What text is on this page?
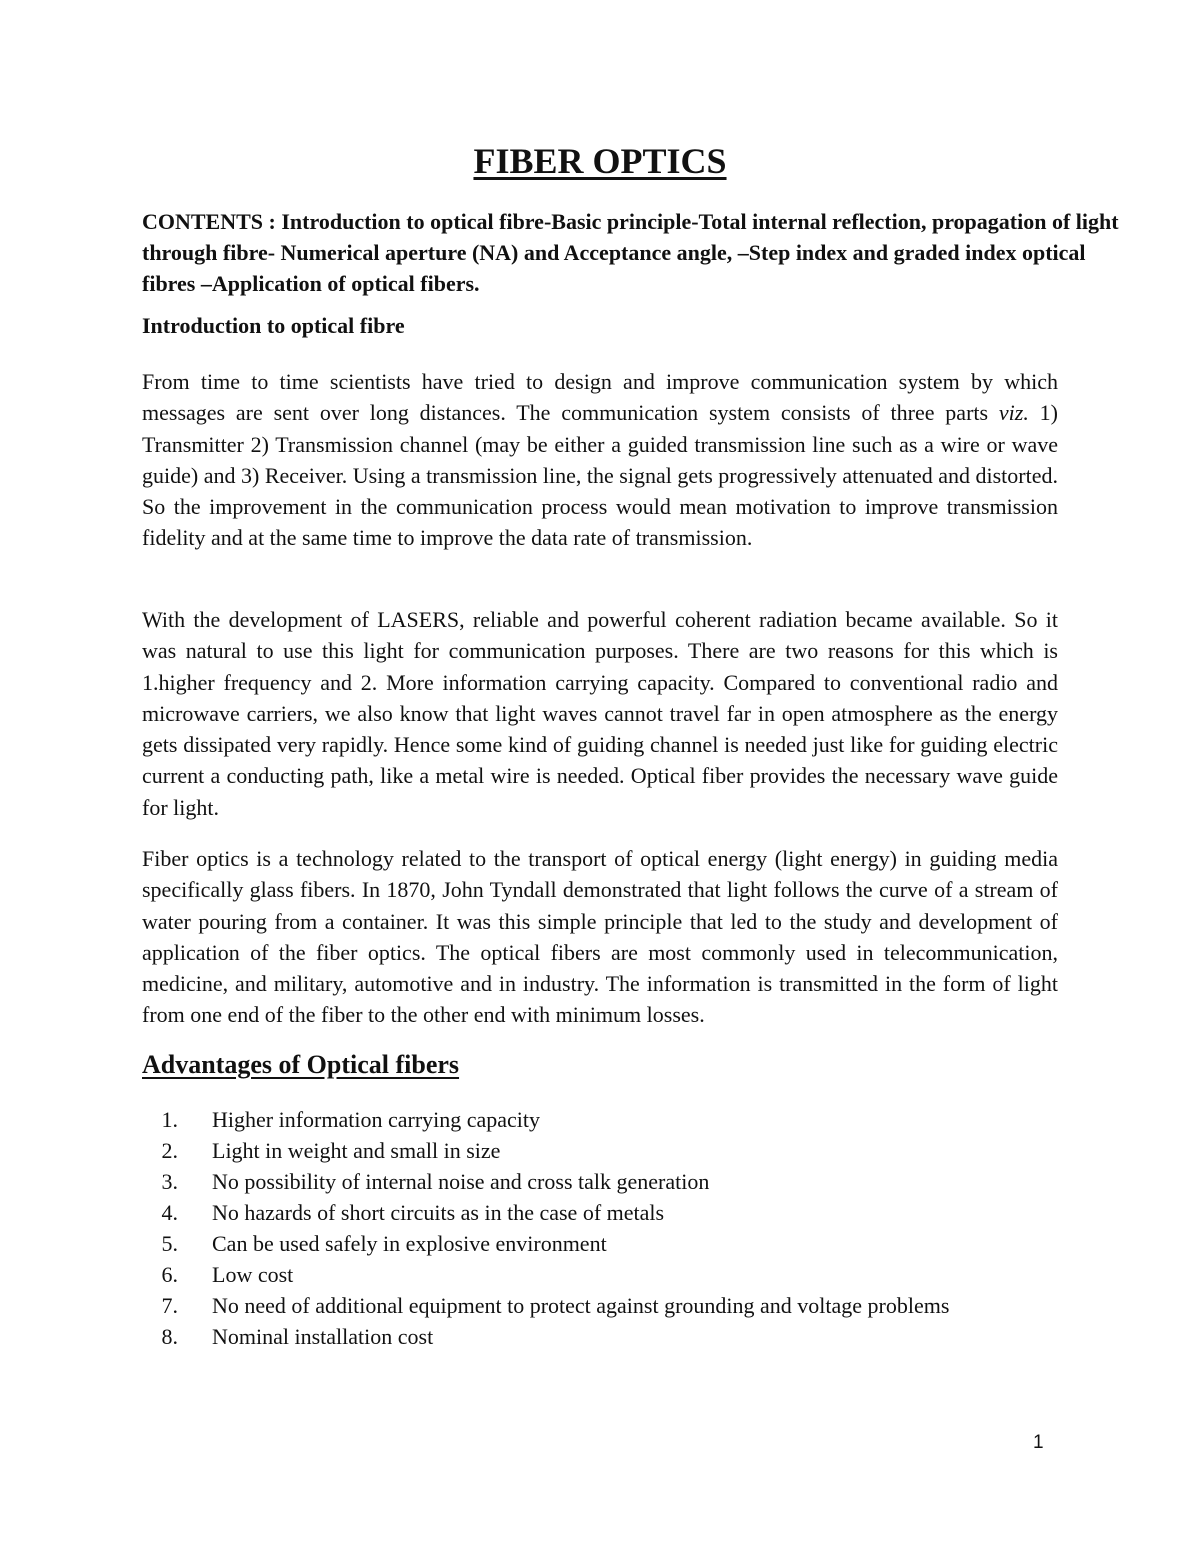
FIBER OPTICS

CONTENTS : Introduction to optical fibre-Basic principle-Total internal reflection, propagation of light through fibre- Numerical aperture (NA) and Acceptance angle, –Step index and graded index optical fibres –Application of optical fibers.

Introduction to optical fibre

From time to time scientists have tried to design and improve communication system by which messages are sent over long distances. The communication system consists of three parts viz. 1) Transmitter 2) Transmission channel (may be either a guided transmission line such as a wire or wave guide) and 3) Receiver. Using a transmission line, the signal gets progressively attenuated and distorted. So the improvement in the communication process would mean motivation to improve transmission fidelity and at the same time to improve the data rate of transmission.

With the development of LASERS, reliable and powerful coherent radiation became available. So it was natural to use this light for communication purposes. There are two reasons for this which is 1.higher frequency and 2. More information carrying capacity. Compared to conventional radio and microwave carriers, we also know that light waves cannot travel far in open atmosphere as the energy gets dissipated very rapidly. Hence some kind of guiding channel is needed just like for guiding electric current a conducting path, like a metal wire is needed. Optical fiber provides the necessary wave guide for light.

Fiber optics is a technology related to the transport of optical energy (light energy) in guiding media specifically glass fibers. In 1870, John Tyndall demonstrated that light follows the curve of a stream of water pouring from a container. It was this simple principle that led to the study and development of application of the fiber optics. The optical fibers are most commonly used in telecommunication, medicine, and military, automotive and in industry. The information is transmitted in the form of light from one end of the fiber to the other end with minimum losses.

Advantages of Optical fibers
1. Higher information carrying capacity
2. Light in weight and small in size
3. No possibility of internal noise and cross talk generation
4. No hazards of short circuits as in the case of metals
5. Can be used safely in explosive environment
6. Low cost
7. No need of additional equipment to protect against grounding and voltage problems
8. Nominal installation cost

1
